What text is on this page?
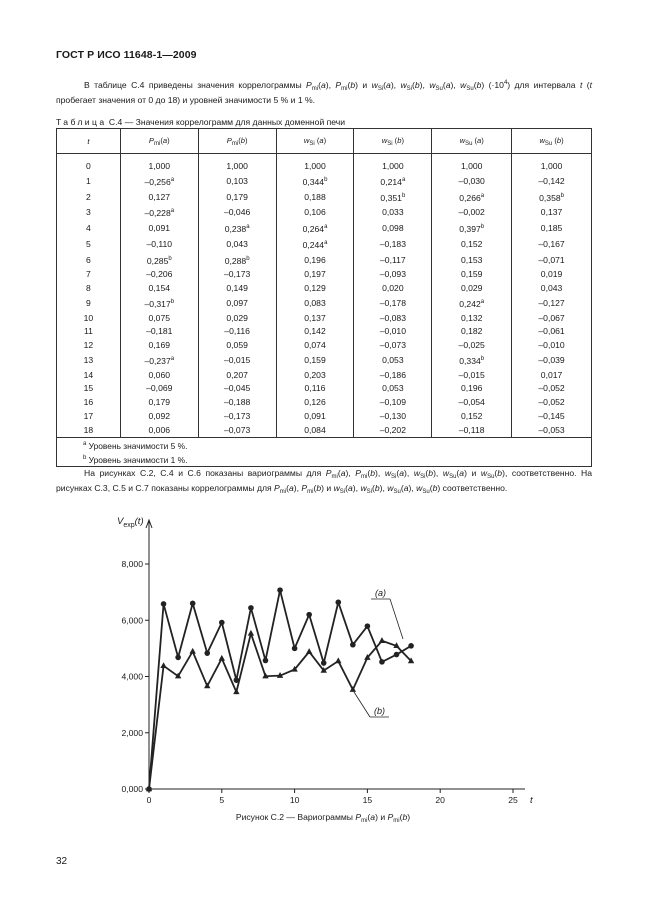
ГОСТ Р ИСО 11648-1—2009
В таблице С.4 приведены значения коррелограммы $P_{mi}(a)$, $P_{mi}(b)$ и $w_{Si}(a)$, $w_{Si}(b)$, $w_{Su}(a)$, $w_{Su}(b)$ $(\cdot 10^4)$ для интервала t (t пробегает значения от 0 до 18) и уровней значимости 5 % и 1 %.
Таблица С.4 — Значения коррелограмм для данных доменной печи
t	$P_{mi}(a)$	$P_{mi}(b)$	$w_{Si}$ (a)	$w_{Si}$ (b)	$w_{Su}$ (a)	$w_{Su}$ (b)
0	1,000	1,000	1,000	1,000	1,000	1,000
1	–0,256$^a$	0,103	0,344$^b$	0,214$^a$	–0,030	–0,142
2	0,127	0,179	0,188	0,351$^b$	0,266$^a$	0,358$^b$
3	–0,228$^a$	–0,046	0,106	0,033	–0,002	0,137
4	0,091	0,238$^a$	0,264$^a$	0,098	0,397$^b$	0,185
5	–0,110	0,043	0,244$^a$	–0,183	0,152	–0,167
6	0,285$^b$	0,288$^b$	0,196	–0,117	0,153	–0,071
7	–0,206	–0,173	0,197	–0,093	0,159	0,019
8	0,154	0,149	0,129	0,020	0,029	0,043
9	–0,317$^b$	0,097	0,083	–0,178	0,242$^a$	–0,127
10	0,075	0,029	0,137	–0,083	0,132	–0,067
11	–0,181	–0,116	0,142	–0,010	0,182	–0,061
12	0,169	0,059	0,074	–0,073	–0,025	–0,010
13	–0,237$^a$	–0,015	0,159	0,053	0,334$^b$	–0,039
14	0,060	0,207	0,203	–0,186	–0,015	0,017
15	–0,069	–0,045	0,116	0,053	0,196	–0,052
16	0,179	–0,188	0,126	–0,109	–0,054	–0,052
17	0,092	–0,173	0,091	–0,130	0,152	–0,145
18	0,006	–0,073	0,084	–0,202	–0,118	–0,053

$^a$ Уровень значимости 5 %.
$^b$ Уровень значимости 1 %.						
На рисунках С.2, С.4 и С.6 показаны вариограммы для $P_{mi}(a)$, $P_{mi}(b)$, $w_{Si}(a)$, $w_{Si}(b)$, $w_{Su}(a)$ и $w_{Su}(b)$, соответственно. На рисунках С.3, С.5 и С.7 показаны коррелограммы для $P_{mi}(a)$, $P_{mi}(b)$ и $w_{Si}(a)$, $w_{Si}(b)$, $w_{Su}(a)$, $w_{Su}(b)$ соответственно.
0,000
2,000
4,000
6,000
8,000
0	5	10	15	20	25
$V_{exp}(t)$
t
(a)
(b)
Рисунок С.2 — Вариограммы $P_{mi}(a)$ и $P_{mi}(b)$
32
